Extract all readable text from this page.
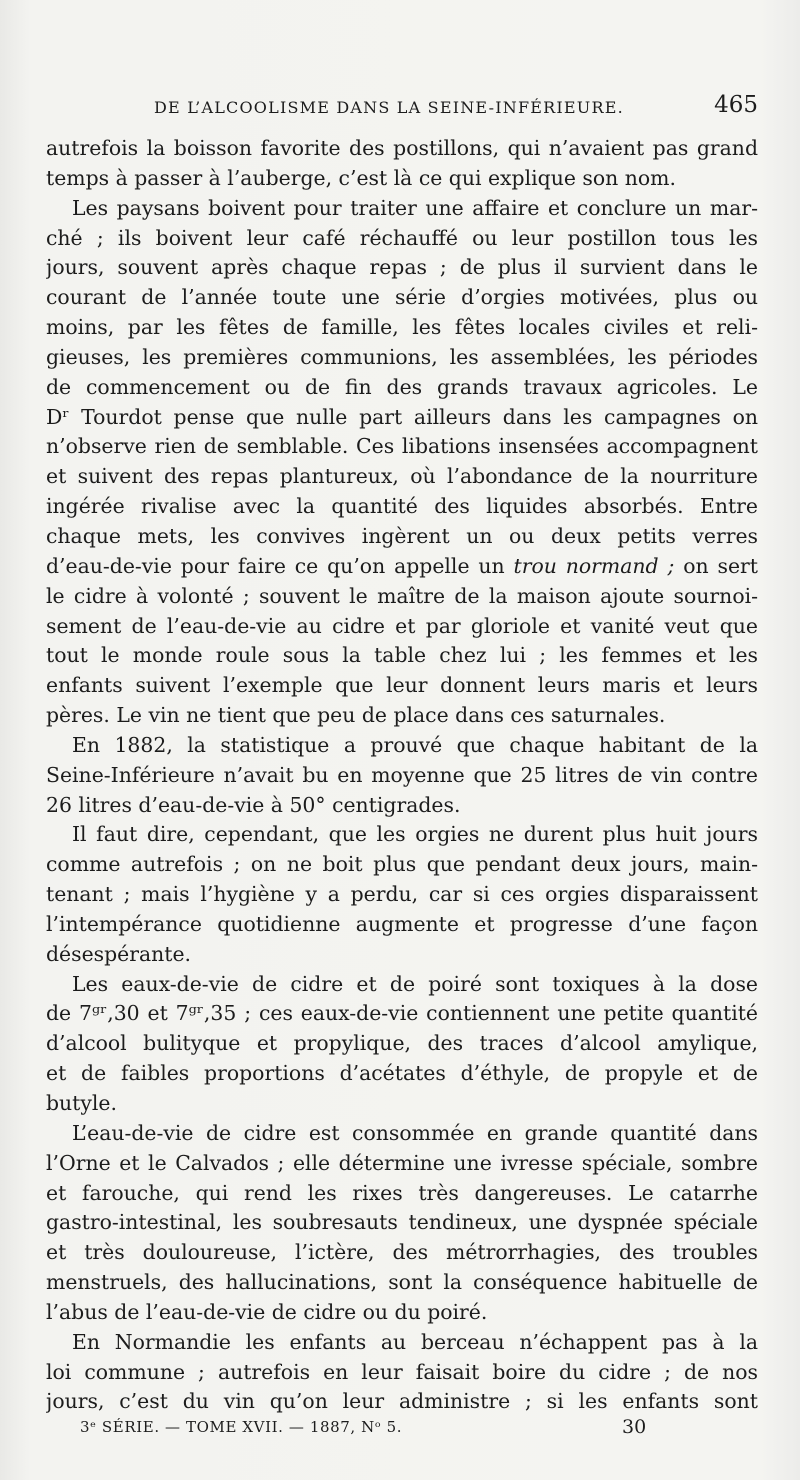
DE L’ALCOOLISME DANS LA SEINE-INFÉRIEURE.	465
autrefois la boisson favorite des postillons, qui n’avaient pas grand
temps à passer à l’auberge, c’est là ce qui explique son nom.
Les paysans boivent pour traiter une affaire et conclure un mar-
ché ; ils boivent leur café réchauffé ou leur postillon tous les
jours, souvent après chaque repas ; de plus il survient dans le
courant de l’année toute une série d’orgies motivées, plus ou
moins, par les fêtes de famille, les fêtes locales civiles et reli-
gieuses, les premières communions, les assemblées, les périodes
de commencement ou de fin des grands travaux agricoles. Le
Dʳ Tourdot pense que nulle part ailleurs dans les campagnes on
n’observe rien de semblable. Ces libations insensées accompagnent
et suivent des repas plantureux, où l’abondance de la nourriture
ingérée rivalise avec la quantité des liquides absorbés. Entre
chaque mets, les convives ingèrent un ou deux petits verres
d’eau-de-vie pour faire ce qu’on appelle un trou normand ; on sert
le cidre à volonté ; souvent le maître de la maison ajoute sournoi-
sement de l’eau-de-vie au cidre et par gloriole et vanité veut que
tout le monde roule sous la table chez lui ; les femmes et les
enfants suivent l’exemple que leur donnent leurs maris et leurs
pères. Le vin ne tient que peu de place dans ces saturnales.
En 1882, la statistique a prouvé que chaque habitant de la
Seine-Inférieure n’avait bu en moyenne que 25 litres de vin contre
26 litres d’eau-de-vie à 50° centigrades.
Il faut dire, cependant, que les orgies ne durent plus huit jours
comme autrefois ; on ne boit plus que pendant deux jours, main-
tenant ; mais l’hygiène y a perdu, car si ces orgies disparaissent
l’intempérance quotidienne augmente et progresse d’une façon
désespérante.
Les eaux-de-vie de cidre et de poiré sont toxiques à la dose
de 7ᵍʳ,30 et 7ᵍʳ,35 ; ces eaux-de-vie contiennent une petite quantité
d’alcool bulityque et propylique, des traces d’alcool amylique,
et de faibles proportions d’acétates d’éthyle, de propyle et de
butyle.
L’eau-de-vie de cidre est consommée en grande quantité dans
l’Orne et le Calvados ; elle détermine une ivresse spéciale, sombre
et farouche, qui rend les rixes très dangereuses. Le catarrhe
gastro-intestinal, les soubresauts tendineux, une dyspnée spéciale
et très douloureuse, l’ictère, des métrorrhagies, des troubles
menstruels, des hallucinations, sont la conséquence habituelle de
l’abus de l’eau-de-vie de cidre ou du poiré.
En Normandie les enfants au berceau n’échappent pas à la
loi commune ; autrefois en leur faisait boire du cidre ; de nos
jours, c’est du vin qu’on leur administre ; si les enfants sont
3ᵉ SÉRIE. — TOME XVII. — 1887, Nᵒ 5.	30
